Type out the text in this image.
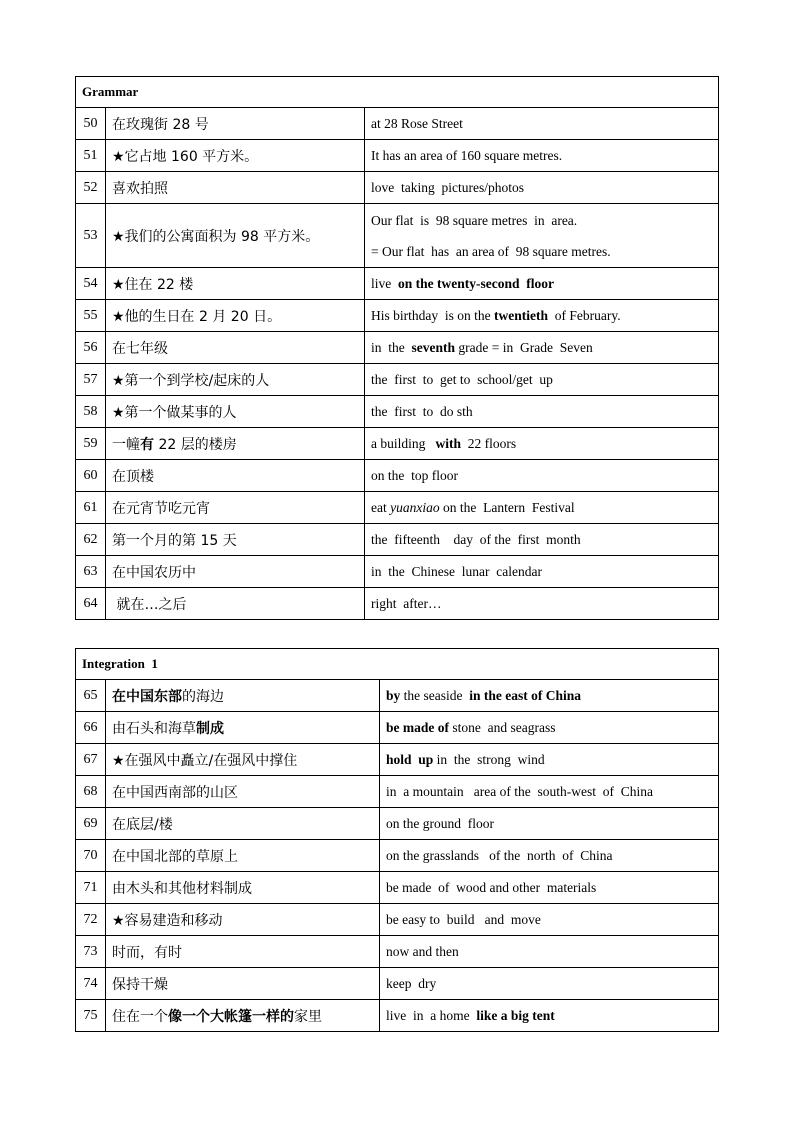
Grammar		
50	在玫瑰街 28 号	at 28 Rose Street

51	★它占地 160 平方米。	It has an area of 160 square metres.

52	喜欢拍照	love  taking  pictures/photos

53	★我们的公寓面积为 98 平方米。	Our flat  is  98 square metres  in  area.
= Our flat  has  an area of  98 square metres.

54	★住在 22 楼	live  on the twenty-second  floor

55	★他的生日在 2 月 20 日。	His birthday  is on the twentieth  of February.

56	在七年级	in  the  seventh grade = in  Grade  Seven

57	★第一个到学校/起床的人	the  first  to  get to  school/get  up

58	★第一个做某事的人	the  first  to  do sth

59	一幢有 22 层的楼房	a building   with  22 floors

60	在顶楼	on the  top floor

61	在元宵节吃元宵	eat yuanxiao on the  Lantern  Festival

62	第一个月的第 15 天	the  fifteenth    day  of the  first  month

63	在中国农历中	in  the  Chinese  lunar  calendar

64	就在…之后	right  after…
Integration  1		
65	在中国东部的海边	by the seaside  in the east of China

66	由石头和海草制成	be made of stone  and seagrass

67	★在强风中矗立/在强风中撑住	hold  up in  the  strong  wind

68	在中国西南部的山区	in  a mountain   area of the  south-west  of  China

69	在底层/楼	on the ground  floor

70	在中国北部的草原上	on the grasslands   of the  north  of  China

71	由木头和其他材料制成	be made  of  wood and other  materials

72	★容易建造和移动	be easy to  build   and  move

73	时而，有时	now and then

74	保持干燥	keep  dry

75	住在一个像一个大帐篷一样的家里	live  in  a home  like a big tent
